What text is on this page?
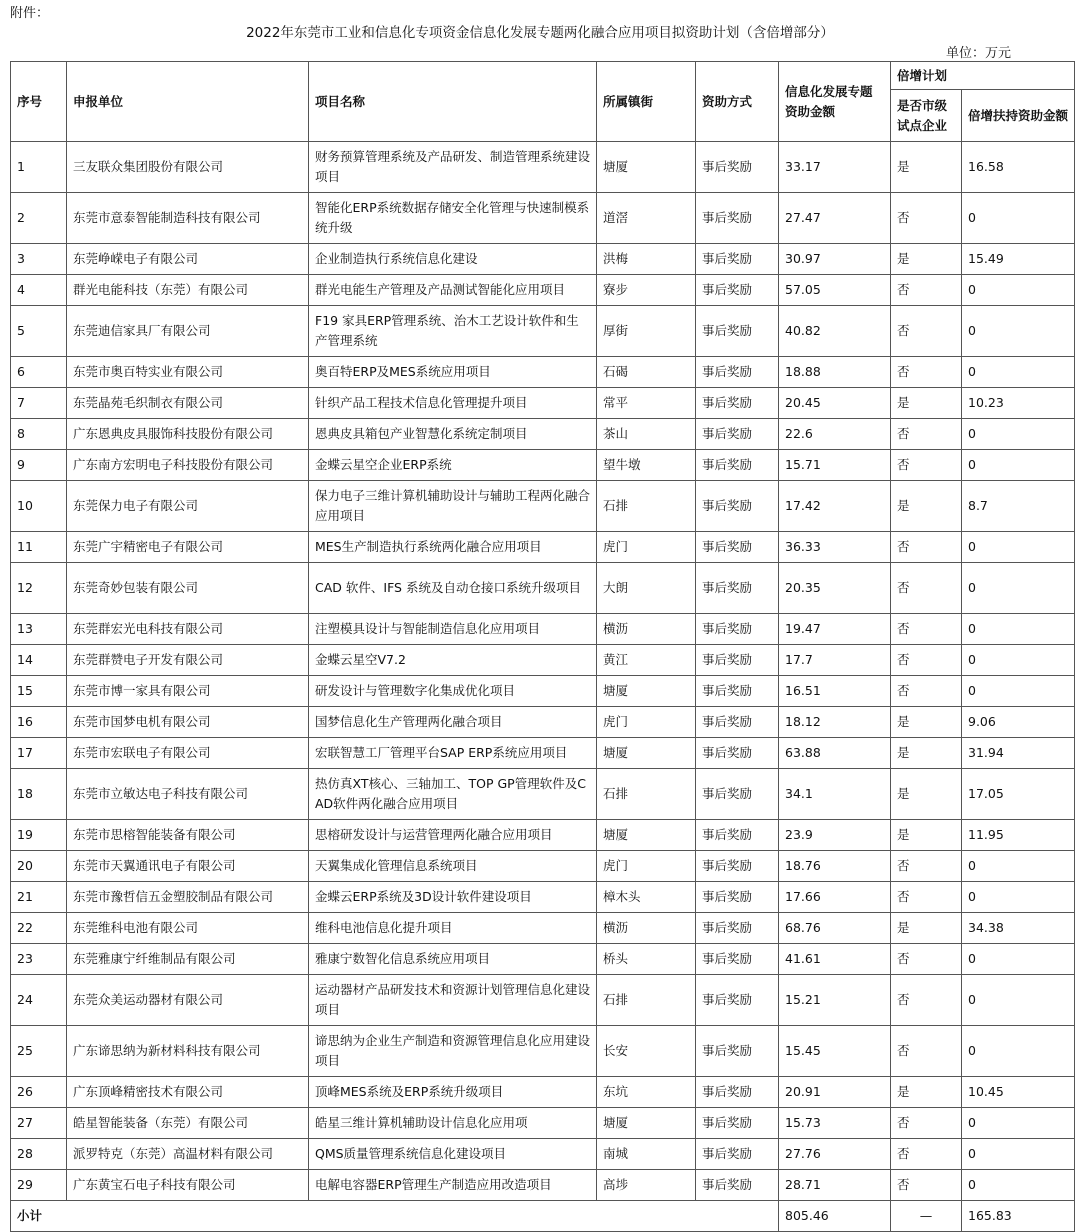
附件：
2022年东莞市工业和信息化专项资金信息化发展专题两化融合应用项目拟资助计划（含倍增部分）
单位：万元
序号	申报单位	项目名称	所属镇街	资助方式	信息化发展专题资助金额	倍增计划	
						是否市级试点企业	倍增扶持资助金额
1	三友联众集团股份有限公司	财务预算管理系统及产品研发、制造管理系统建设项目	塘厦	事后奖励	33.17	是	16.58
2	东莞市意泰智能制造科技有限公司	智能化ERP系统数据存储安全化管理与快速制模系统升级	道滘	事后奖励	27.47	否	0
3	东莞峥嵘电子有限公司	企业制造执行系统信息化建设	洪梅	事后奖励	30.97	是	15.49
4	群光电能科技（东莞）有限公司	群光电能生产管理及产品测试智能化应用项目	寮步	事后奖励	57.05	否	0
5	东莞迪信家具厂有限公司	F19 家具ERP管理系统、治木工艺设计软件和生产管理系统	厚街	事后奖励	40.82	否	0
6	东莞市奥百特实业有限公司	奥百特ERP及MES系统应用项目	石碣	事后奖励	18.88	否	0
7	东莞晶苑毛织制衣有限公司	针织产品工程技术信息化管理提升项目	常平	事后奖励	20.45	是	10.23
8	广东恩典皮具服饰科技股份有限公司	恩典皮具箱包产业智慧化系统定制项目	茶山	事后奖励	22.6	否	0
9	广东南方宏明电子科技股份有限公司	金蝶云星空企业ERP系统	望牛墩	事后奖励	15.71	否	0
10	东莞保力电子有限公司	保力电子三维计算机辅助设计与辅助工程两化融合应用项目	石排	事后奖励	17.42	是	8.7
11	东莞广宇精密电子有限公司	MES生产制造执行系统两化融合应用项目	虎门	事后奖励	36.33	否	0
12	东莞奇妙包装有限公司	CAD 软件、IFS 系统及自动仓接口系统升级项目	大朗	事后奖励	20.35	否	0
13	东莞群宏光电科技有限公司	注塑模具设计与智能制造信息化应用项目	横沥	事后奖励	19.47	否	0
14	东莞群赞电子开发有限公司	金蝶云星空V7.2	黄江	事后奖励	17.7	否	0
15	东莞市博一家具有限公司	研发设计与管理数字化集成优化项目	塘厦	事后奖励	16.51	否	0
16	东莞市国梦电机有限公司	国梦信息化生产管理两化融合项目	虎门	事后奖励	18.12	是	9.06
17	东莞市宏联电子有限公司	宏联智慧工厂管理平台SAP ERP系统应用项目	塘厦	事后奖励	63.88	是	31.94
18	东莞市立敏达电子科技有限公司	热仿真XT核心、三轴加工、TOP GP管理软件及CAD软件两化融合应用项目	石排	事后奖励	34.1	是	17.05
19	东莞市思榕智能装备有限公司	思榕研发设计与运营管理两化融合应用项目	塘厦	事后奖励	23.9	是	11.95
20	东莞市天翼通讯电子有限公司	天翼集成化管理信息系统项目	虎门	事后奖励	18.76	否	0
21	东莞市豫哲信五金塑胶制品有限公司	金蝶云ERP系统及3D设计软件建设项目	樟木头	事后奖励	17.66	否	0
22	东莞维科电池有限公司	维科电池信息化提升项目	横沥	事后奖励	68.76	是	34.38
23	东莞雅康宁纤维制品有限公司	雅康宁数智化信息系统应用项目	桥头	事后奖励	41.61	否	0
24	东莞众美运动器材有限公司	运动器材产品研发技术和资源计划管理信息化建设项目	石排	事后奖励	15.21	否	0
25	广东谛思纳为新材料科技有限公司	谛思纳为企业生产制造和资源管理信息化应用建设项目	长安	事后奖励	15.45	否	0
26	广东顶峰精密技术有限公司	顶峰MES系统及ERP系统升级项目	东坑	事后奖励	20.91	是	10.45
27	皓星智能装备（东莞）有限公司	皓星三维计算机辅助设计信息化应用项	塘厦	事后奖励	15.73	否	0
28	派罗特克（东莞）高温材料有限公司	QMS质量管理系统信息化建设项目	南城	事后奖励	27.76	否	0
29	广东黄宝石电子科技有限公司	电解电容器ERP管理生产制造应用改造项目	高埗	事后奖励	28.71	否	0
小计					805.46	—	165.83
